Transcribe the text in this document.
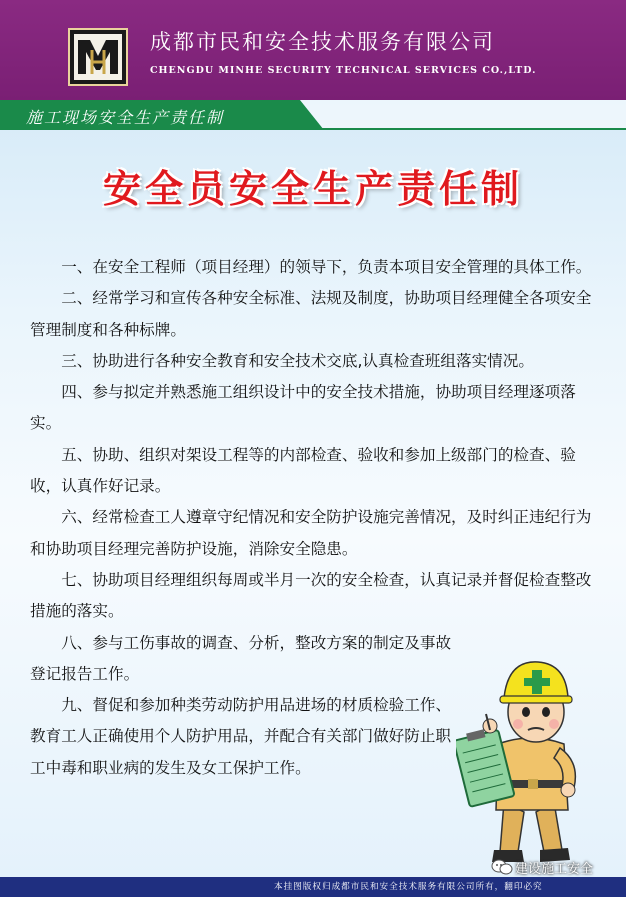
成都市民和安全技术服务有限公司
CHENGDU MINHE SECURITY TECHNICAL SERVICES CO.,LTD.
施工现场安全生产责任制
安全员安全生产责任制

一、在安全工程师（项目经理）的领导下，负责本项目安全管理的具体工作。

二、经常学习和宣传各种安全标准、法规及制度，协助项目经理健全各项安全管理制度和各种标牌。

三、协助进行各种安全教育和安全技术交底,认真检查班组落实情况。

四、参与拟定并熟悉施工组织设计中的安全技术措施，协助项目经理逐项落实。

五、协助、组织对架设工程等的内部检查、验收和参加上级部门的检查、验收，认真作好记录。

六、经常检查工人遵章守纪情况和安全防护设施完善情况，及时纠正违纪行为和协助项目经理完善防护设施，消除安全隐患。

七、协助项目经理组织每周或半月一次的安全检查，认真记录并督促检查整改措施的落实。

八、参与工伤事故的调查、分析，整改方案的制定及事故登记报告工作。

九、督促和参加种类劳动防护用品进场的材质检验工作、教育工人正确使用个人防护用品，并配合有关部门做好防止职工中毒和职业病的发生及女工保护工作。

建设施工安全
本挂图版权归成都市民和安全技术服务有限公司所有，翻印必究
